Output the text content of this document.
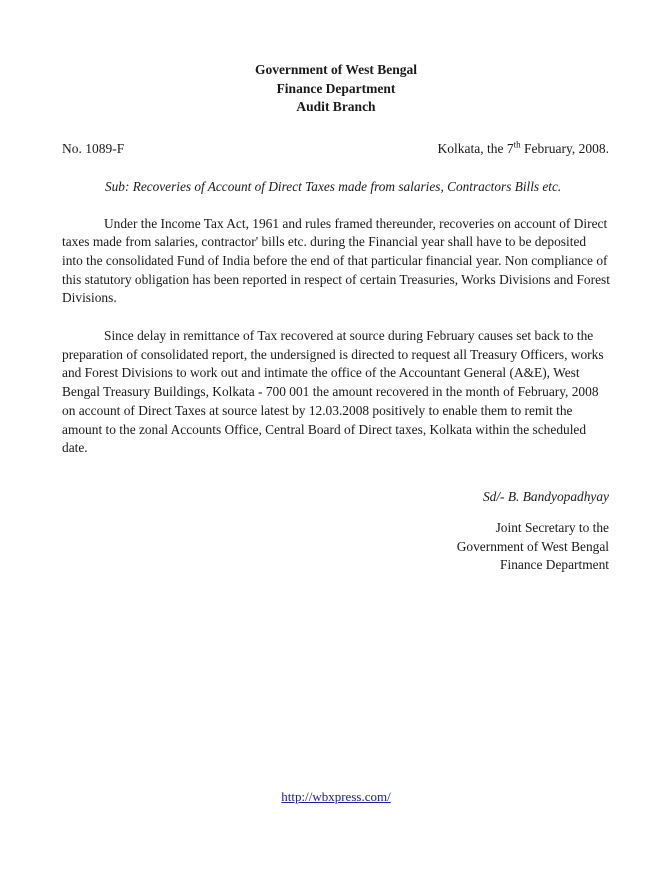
Government of West Bengal
Finance Department
Audit Branch
No. 1089-F	Kolkata, the 7th February, 2008.
Sub: Recoveries of Account of Direct Taxes made from salaries, Contractors Bills etc.
Under the Income Tax Act, 1961 and rules framed thereunder, recoveries on account of Direct taxes made from salaries, contractor' bills etc. during the Financial year shall have to be deposited into the consolidated Fund of India before the end of that particular financial year. Non compliance of this statutory obligation has been reported in respect of certain Treasuries, Works Divisions and Forest Divisions.
Since delay in remittance of Tax recovered at source during February causes set back to the preparation of consolidated report, the undersigned is directed to request all Treasury Officers, works and Forest Divisions to work out and intimate the office of the Accountant General (A&E), West Bengal Treasury Buildings, Kolkata - 700 001 the amount recovered in the month of February, 2008 on account of Direct Taxes at source latest by 12.03.2008 positively to enable them to remit the amount to the zonal Accounts Office, Central Board of Direct taxes, Kolkata within the scheduled date.
Sd/- B. Bandyopadhyay
Joint Secretary to the
Government of West Bengal
Finance Department
http://wbxpress.com/
